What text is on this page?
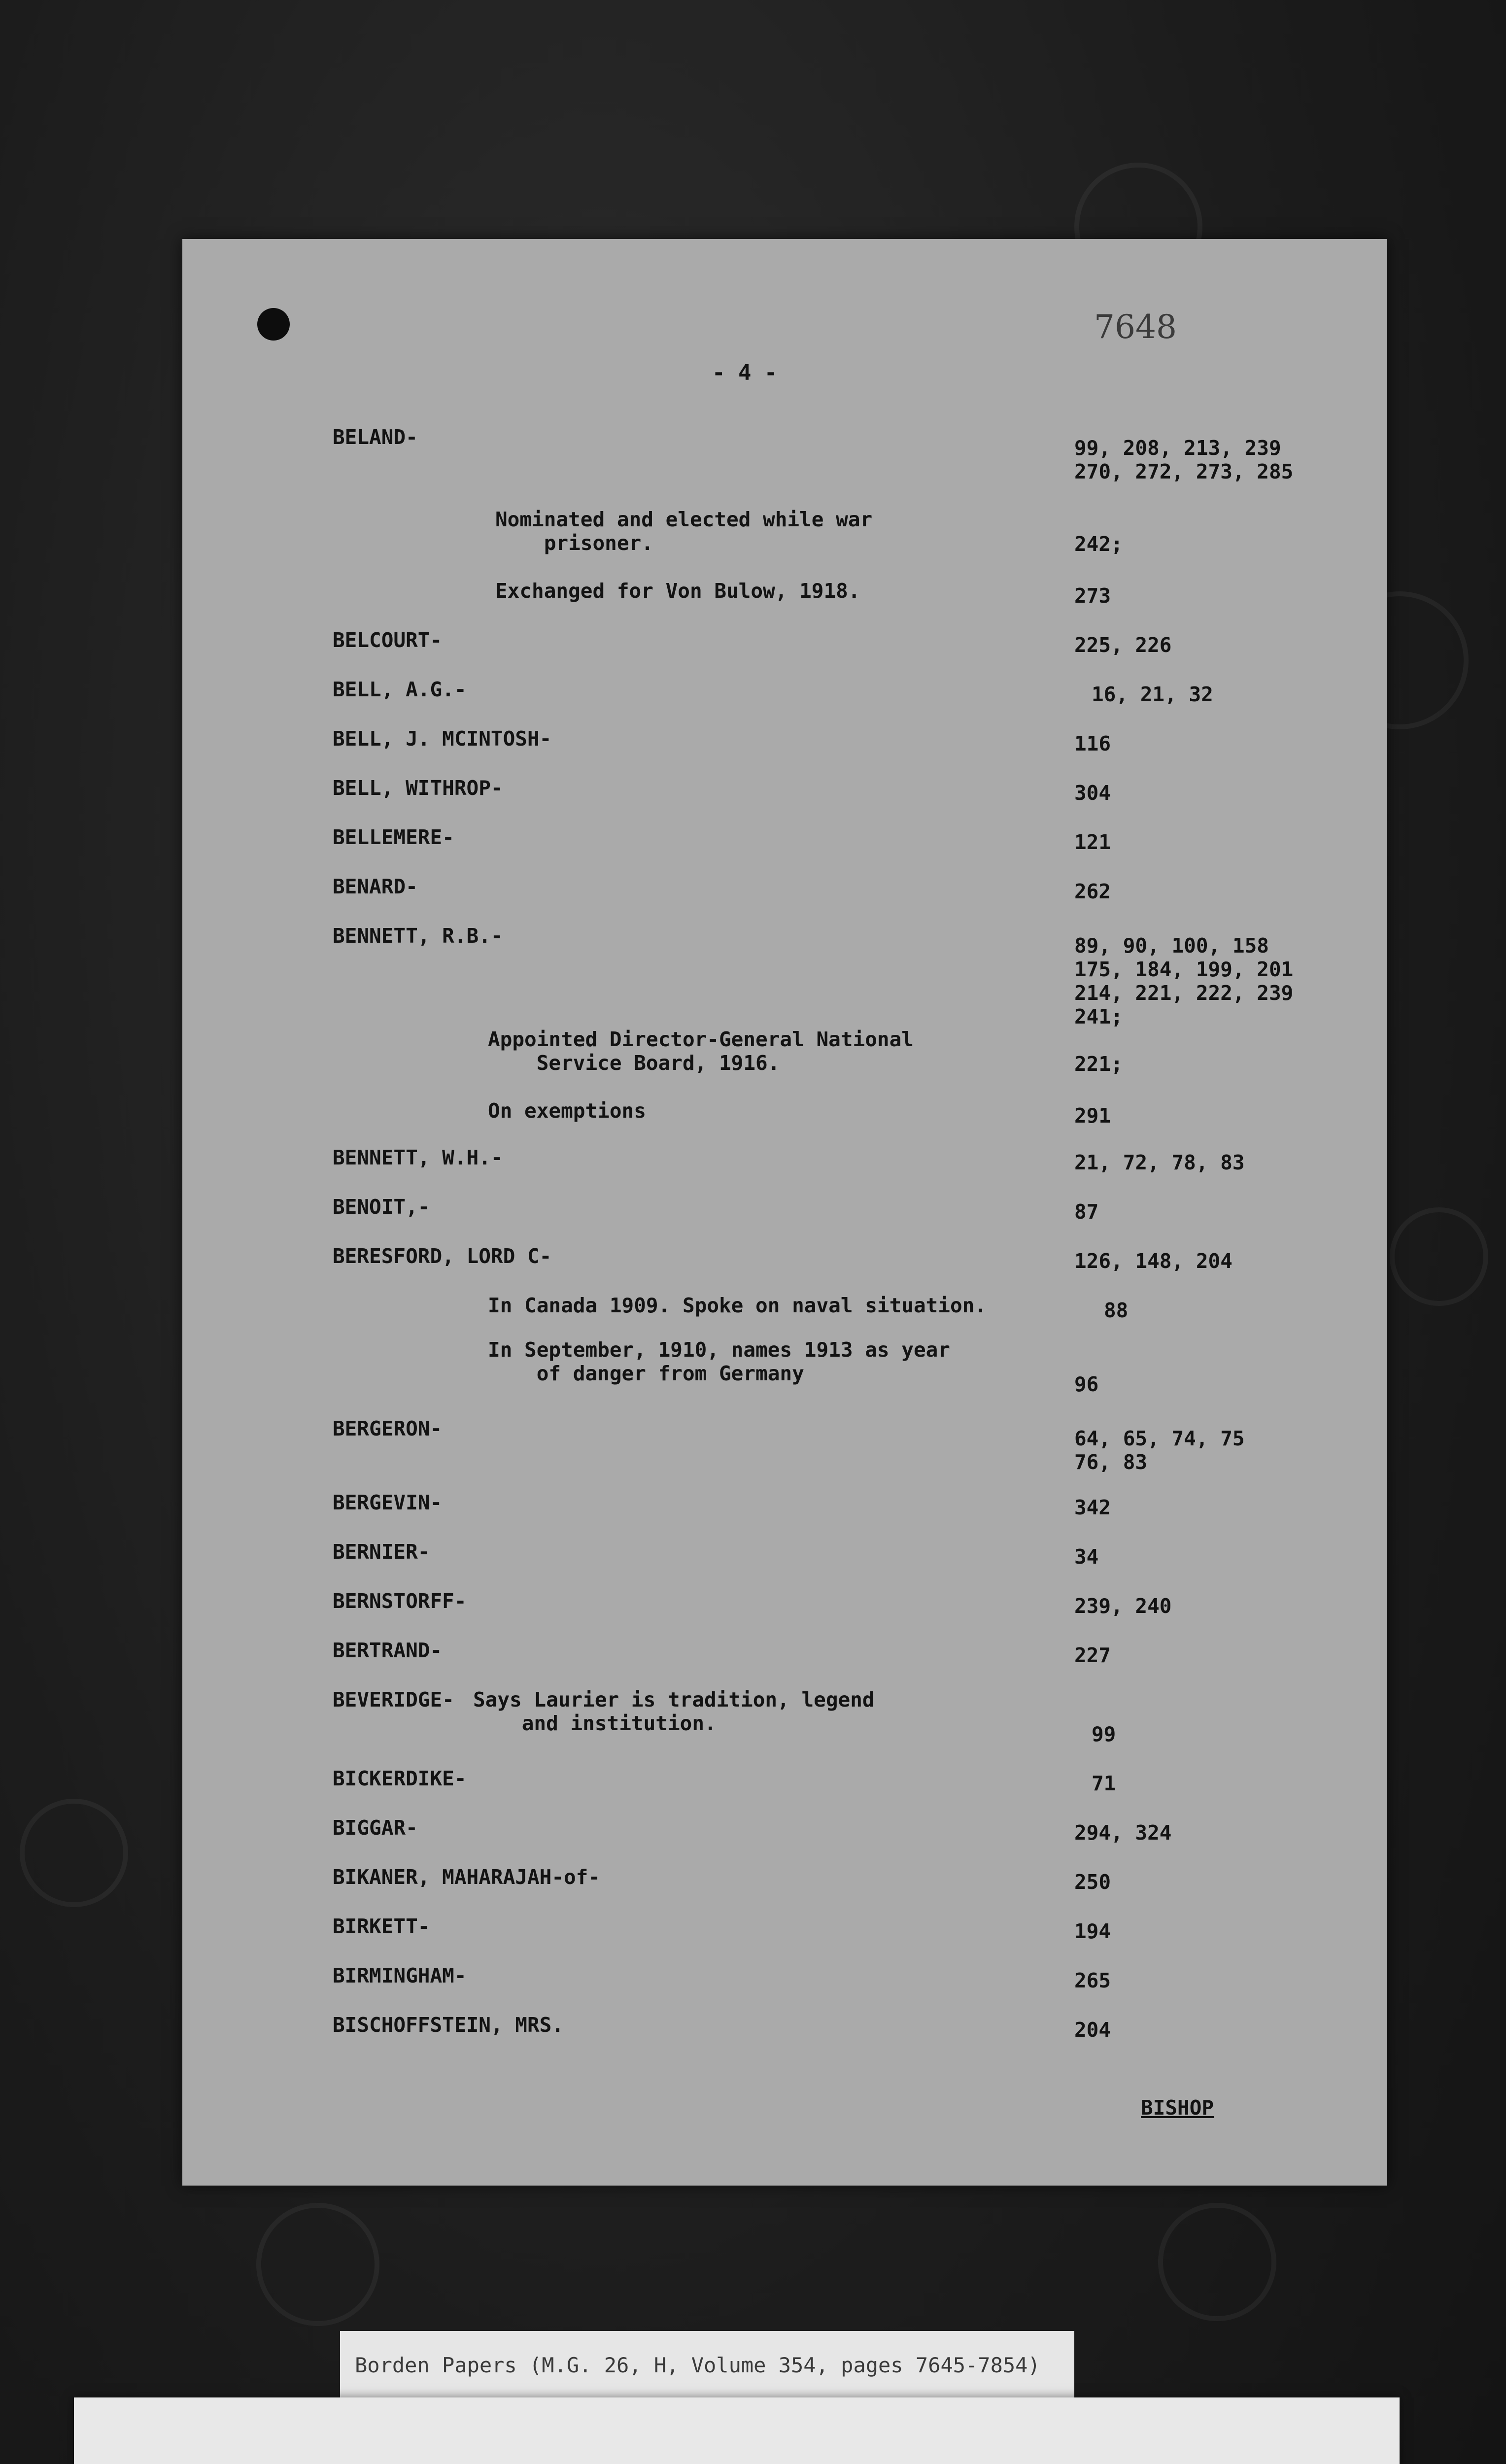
7648
- 4 -
BELAND-	99, 208, 213, 239
270, 272, 273, 285
Nominated and elected while war
prisoner.	242;
Exchanged for Von Bulow, 1918.	273
BELCOURT-	225, 226
BELL, A.G.-	16, 21, 32
BELL, J. MCINTOSH-	116
BELL, WITHROP-	304
BELLEMERE-	121
BENARD-	262
BENNETT, R.B.-	89, 90, 100, 158
175, 184, 199, 201
214, 221, 222, 239
241;
Appointed Director-General National
Service Board, 1916.	221;
On exemptions	291
BENNETT, W.H.-	21, 72, 78, 83
BENOIT,-	87
BERESFORD, LORD C-	126, 148, 204
In Canada 1909. Spoke on naval situation.	88
In September, 1910, names 1913 as year
of danger from Germany	96
BERGERON-	64, 65, 74, 75
76, 83
BERGEVIN-	342
BERNIER-	34
BERNSTORFF-	239, 240
BERTRAND-	227
BEVERIDGE- Says Laurier is tradition, legend
and institution.	99
BICKERDIKE-	71
BIGGAR-	294, 324
BIKANER, MAHARAJAH-of-	250
BIRKETT-	194
BIRMINGHAM-	265
BISCHOFFSTEIN, MRS.	204
BISHOP
Borden Papers (M.G. 26, H, Volume 354, pages 7645-7854)
